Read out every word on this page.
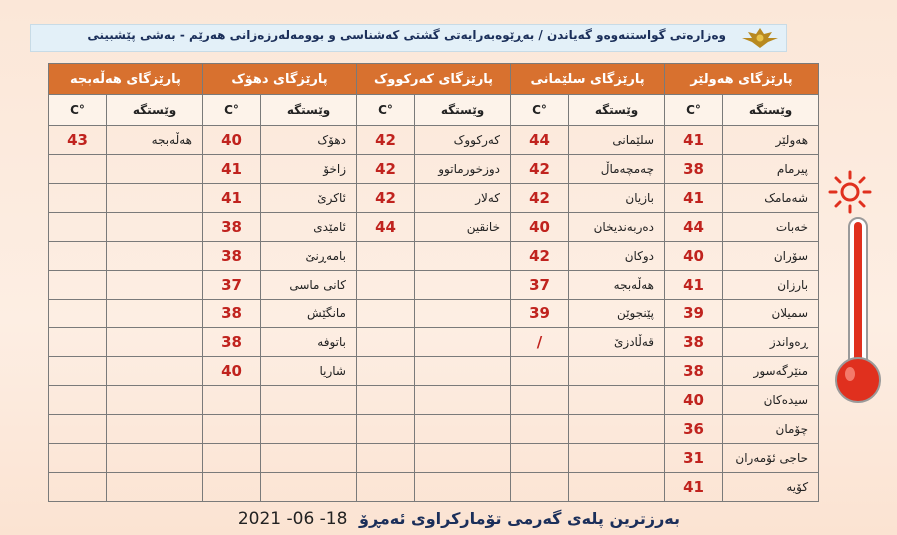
وەزارەتی گواستنەوەو گەیاندن / بەڕێوەبەرایەتی گشتی کەشناسی و بوومەلەرزەزانی هەرێم - بەشی پێشبینی
پارێزگای هەولێر		پارێزگای سلێمانی		پارێزگای کەرکووک		پارێزگای دهۆک		پارێزگای هەڵەبجە	
وێستگە	°C	وێستگە	°C	وێستگە	°C	وێستگە	°C	وێستگە	°C
هەولێر	41	سلێمانی	44	کەرکووک	42	دهۆک	40	هەڵەبجە	43
پیرمام	38	چەمچەماڵ	42	دوزخورماتوو	42	زاخۆ	41		
شەمامک	41	بازیان	42	کەلار	42	ئاکرێ	41		
خەبات	44	دەربەندیخان	40	خانقین	44	ئامێدی	38		
سۆران	40	دوکان	42			بامەڕنێ	38		
بارزان	41	هەڵەبجە	37			کانی ماسی	37		
سمیلان	39	پێنجوێن	39			مانگێش	38		
ڕەواندز	38	قەڵادزێ	/			باتوفە	38		
منێرگەسور	38					شاریا	40		
سیدەکان	40								
چۆمان	36								
حاجی ئۆمەران	31								
کۆیە	41								
بەرزترین پلەی گەرمی تۆمارکراوی ئەمڕۆ 2021 -06 -18
